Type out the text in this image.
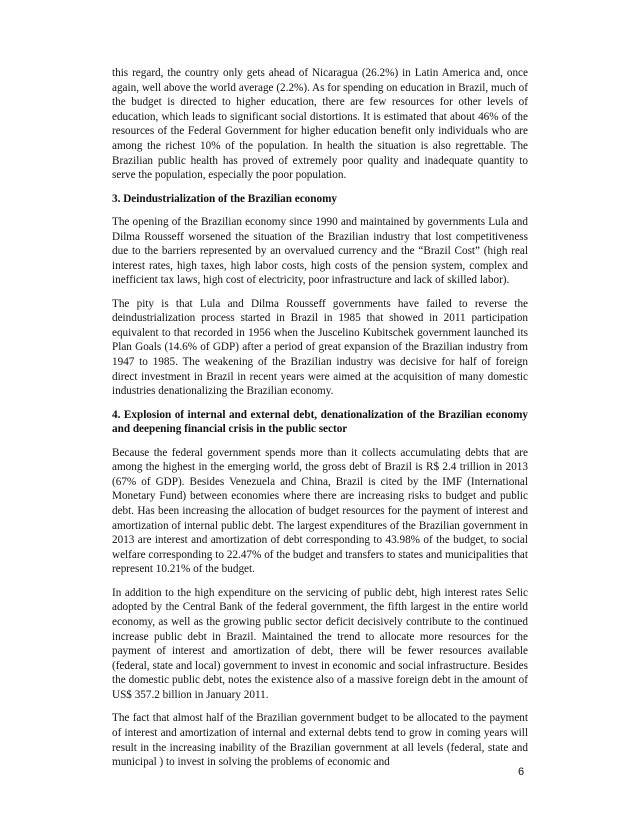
this regard, the country only gets ahead of Nicaragua (26.2%) in Latin America and, once again, well above the world average (2.2%). As for spending on education in Brazil, much of the budget is directed to higher education, there are few resources for other levels of education, which leads to significant social distortions. It is estimated that about 46% of the resources of the Federal Government for higher education benefit only individuals who are among the richest 10% of the population. In health the situation is also regrettable. The Brazilian public health has proved of extremely poor quality and inadequate quantity to serve the population, especially the poor population.

3. Deindustrialization of the Brazilian economy

The opening of the Brazilian economy since 1990 and maintained by governments Lula and Dilma Rousseff worsened the situation of the Brazilian industry that lost competitiveness due to the barriers represented by an overvalued currency and the “Brazil Cost” (high real interest rates, high taxes, high labor costs, high costs of the pension system, complex and inefficient tax laws, high cost of electricity, poor infrastructure and lack of skilled labor).

The pity is that Lula and Dilma Rousseff governments have failed to reverse the deindustrialization process started in Brazil in 1985 that showed in 2011 participation equivalent to that recorded in 1956 when the Juscelino Kubitschek government launched its Plan Goals (14.6% of GDP) after a period of great expansion of the Brazilian industry from 1947 to 1985. The weakening of the Brazilian industry was decisive for half of foreign direct investment in Brazil in recent years were aimed at the acquisition of many domestic industries denationalizing the Brazilian economy.

4. Explosion of internal and external debt, denationalization of the Brazilian economy and deepening financial crisis in the public sector

Because the federal government spends more than it collects accumulating debts that are among the highest in the emerging world, the gross debt of Brazil is R$ 2.4 trillion in 2013 (67% of GDP). Besides Venezuela and China, Brazil is cited by the IMF (International Monetary Fund) between economies where there are increasing risks to budget and public debt. Has been increasing the allocation of budget resources for the payment of interest and amortization of internal public debt. The largest expenditures of the Brazilian government in 2013 are interest and amortization of debt corresponding to 43.98% of the budget, to social welfare corresponding to 22.47% of the budget and transfers to states and municipalities that represent 10.21% of the budget.

In addition to the high expenditure on the servicing of public debt, high interest rates Selic adopted by the Central Bank of the federal government, the fifth largest in the entire world economy, as well as the growing public sector deficit decisively contribute to the continued increase public debt in Brazil. Maintained the trend to allocate more resources for the payment of interest and amortization of debt, there will be fewer resources available (federal, state and local) government to invest in economic and social infrastructure. Besides the domestic public debt, notes the existence also of a massive foreign debt in the amount of US$ 357.2 billion in January 2011.

The fact that almost half of the Brazilian government budget to be allocated to the payment of interest and amortization of internal and external debts tend to grow in coming years will result in the increasing inability of the Brazilian government at all levels (federal, state and municipal ) to invest in solving the problems of economic and

6
